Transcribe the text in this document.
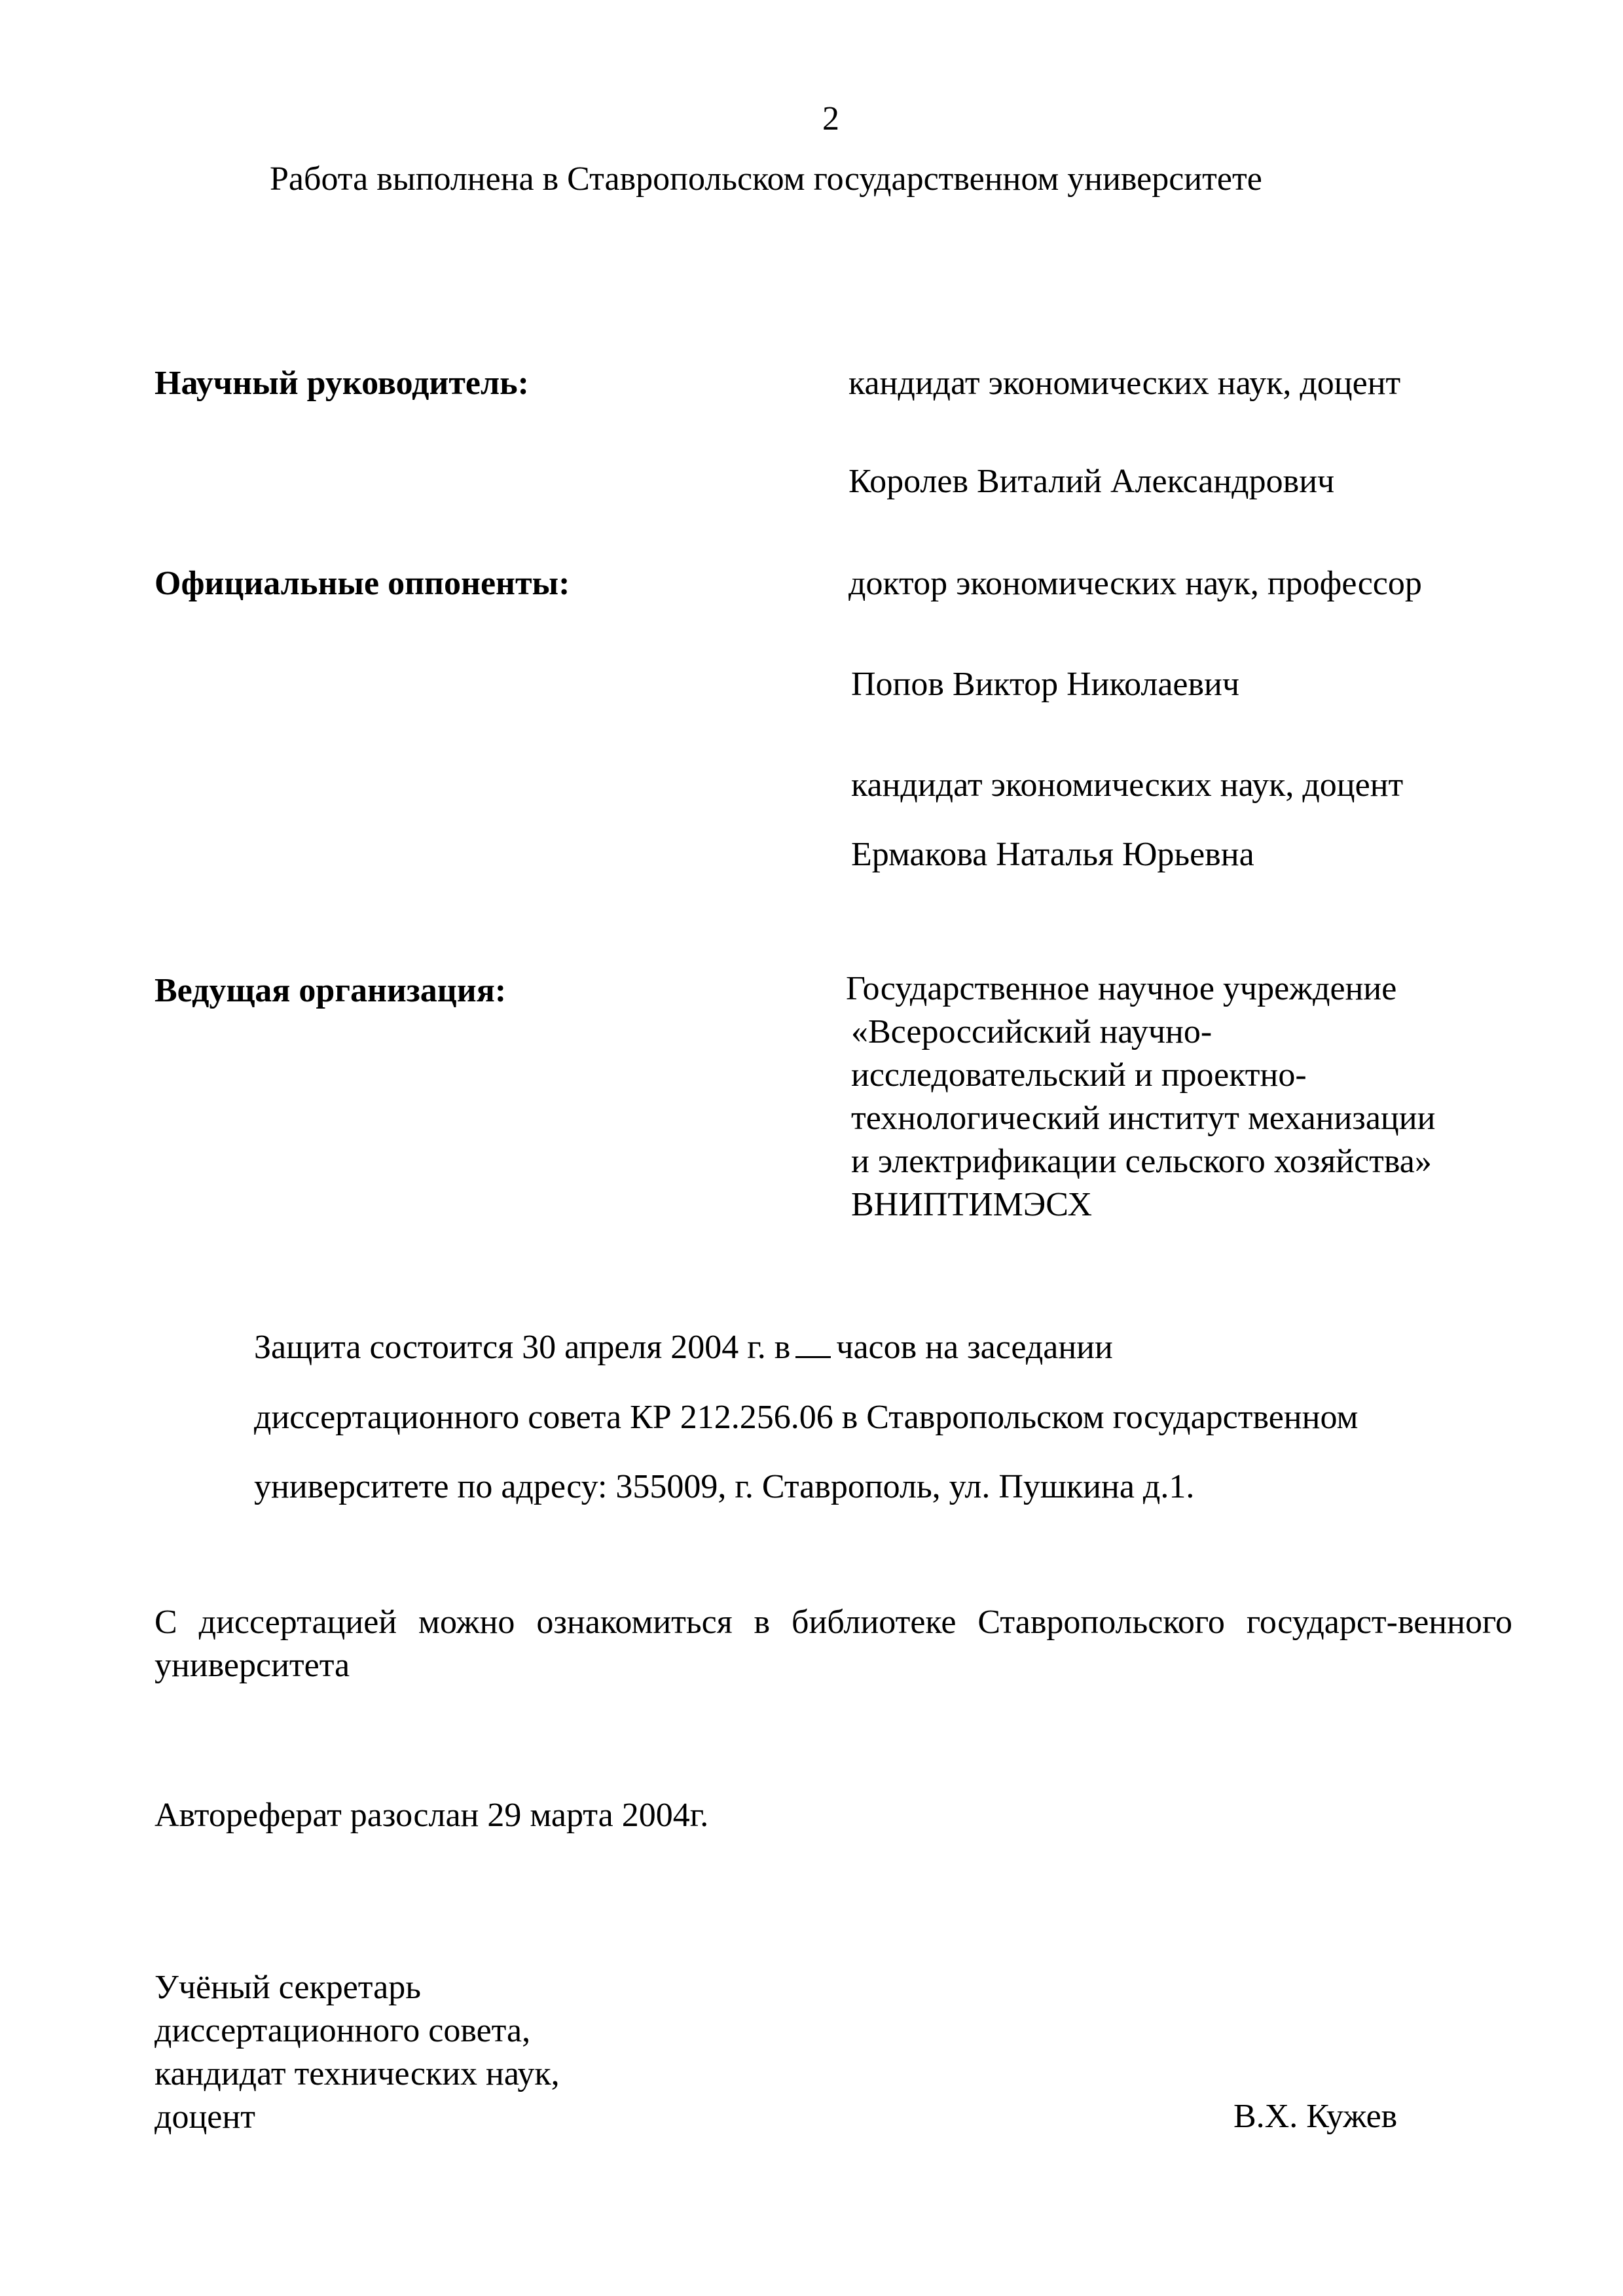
2
Работа выполнена в Ставропольском государственном университете
Научный руководитель:	кандидат экономических наук, доцент
Королев Виталий Александрович
Официальные оппоненты:	доктор экономических наук, профессор
Попов Виктор Николаевич
кандидат экономических наук, доцент
Ермакова Наталья Юрьевна
Ведущая организация:	Государственное научное учреждение
«Всероссийский научно-
исследовательский и проектно-
технологический институт механизации
и электрификации сельского хозяйства»
ВНИПТИМЭСХ
Защита состоится 30 апреля 2004 г. в часов на заседании
диссертационного совета КР 212.256.06 в Ставропольском государственном
университете по адресу: 355009, г. Ставрополь, ул. Пушкина д.1.
С диссертацией можно ознакомиться в библиотеке Ставропольского государст-венного университета
Автореферат разослан 29 марта 2004г.
Учёный секретарь
диссертационного совета,
кандидат технических наук,
доцент	В.Х. Кужев
